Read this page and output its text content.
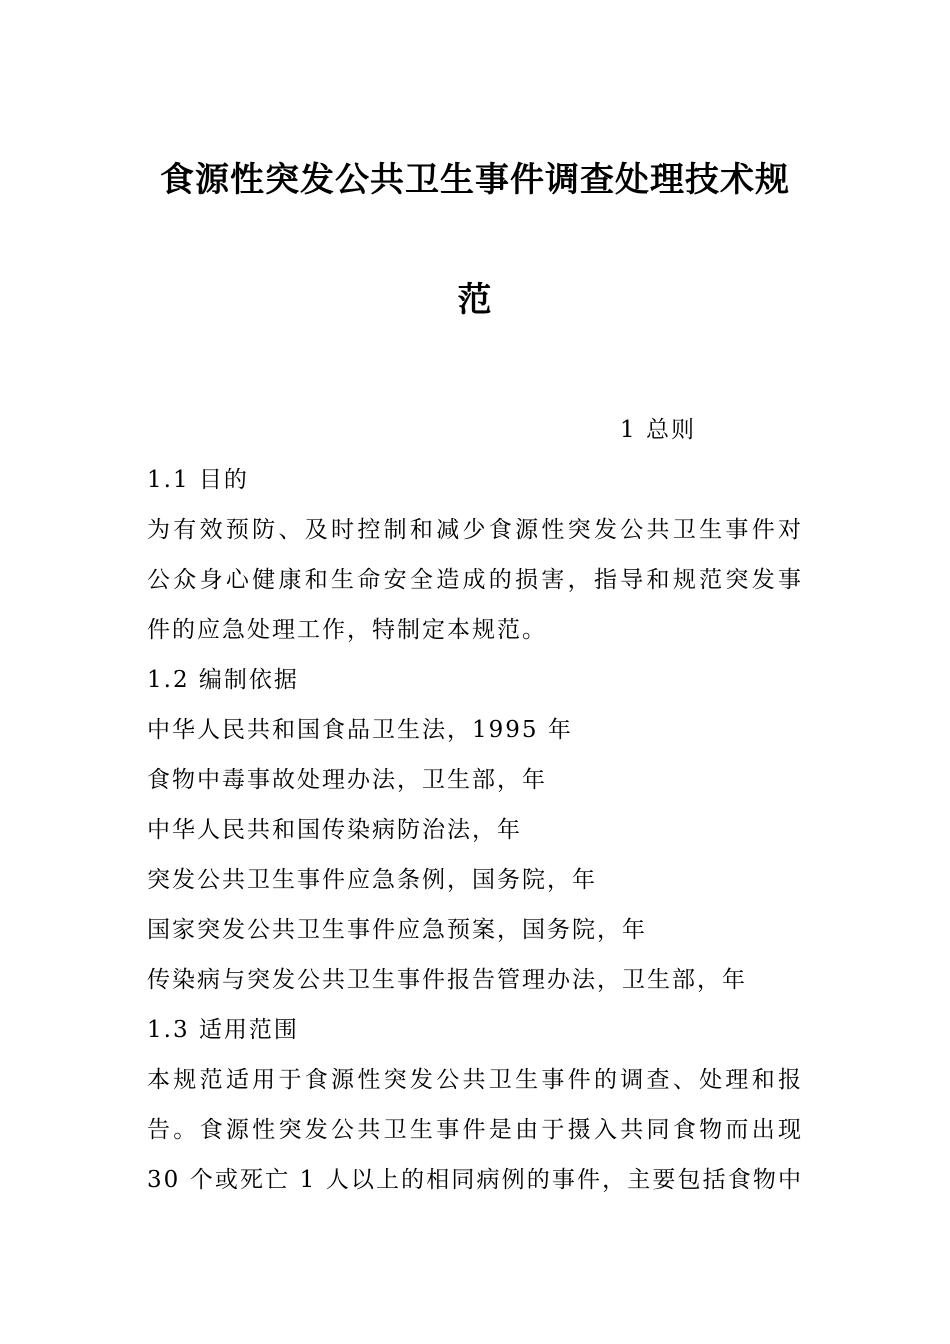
食源性突发公共卫生事件调查处理技术规
范
1 总则
1.1 目的
为有效预防、及时控制和减少食源性突发公共卫生事件对
公众身心健康和生命安全造成的损害，指导和规范突发事
件的应急处理工作，特制定本规范。
1.2 编制依据
中华人民共和国食品卫生法，1995 年
食物中毒事故处理办法，卫生部，年
中华人民共和国传染病防治法，年
突发公共卫生事件应急条例，国务院，年
国家突发公共卫生事件应急预案，国务院，年
传染病与突发公共卫生事件报告管理办法，卫生部，年
1.3 适用范围
本规范适用于食源性突发公共卫生事件的调查、处理和报
告。食源性突发公共卫生事件是由于摄入共同食物而出现
30 个或死亡 1 人以上的相同病例的事件，主要包括食物中
